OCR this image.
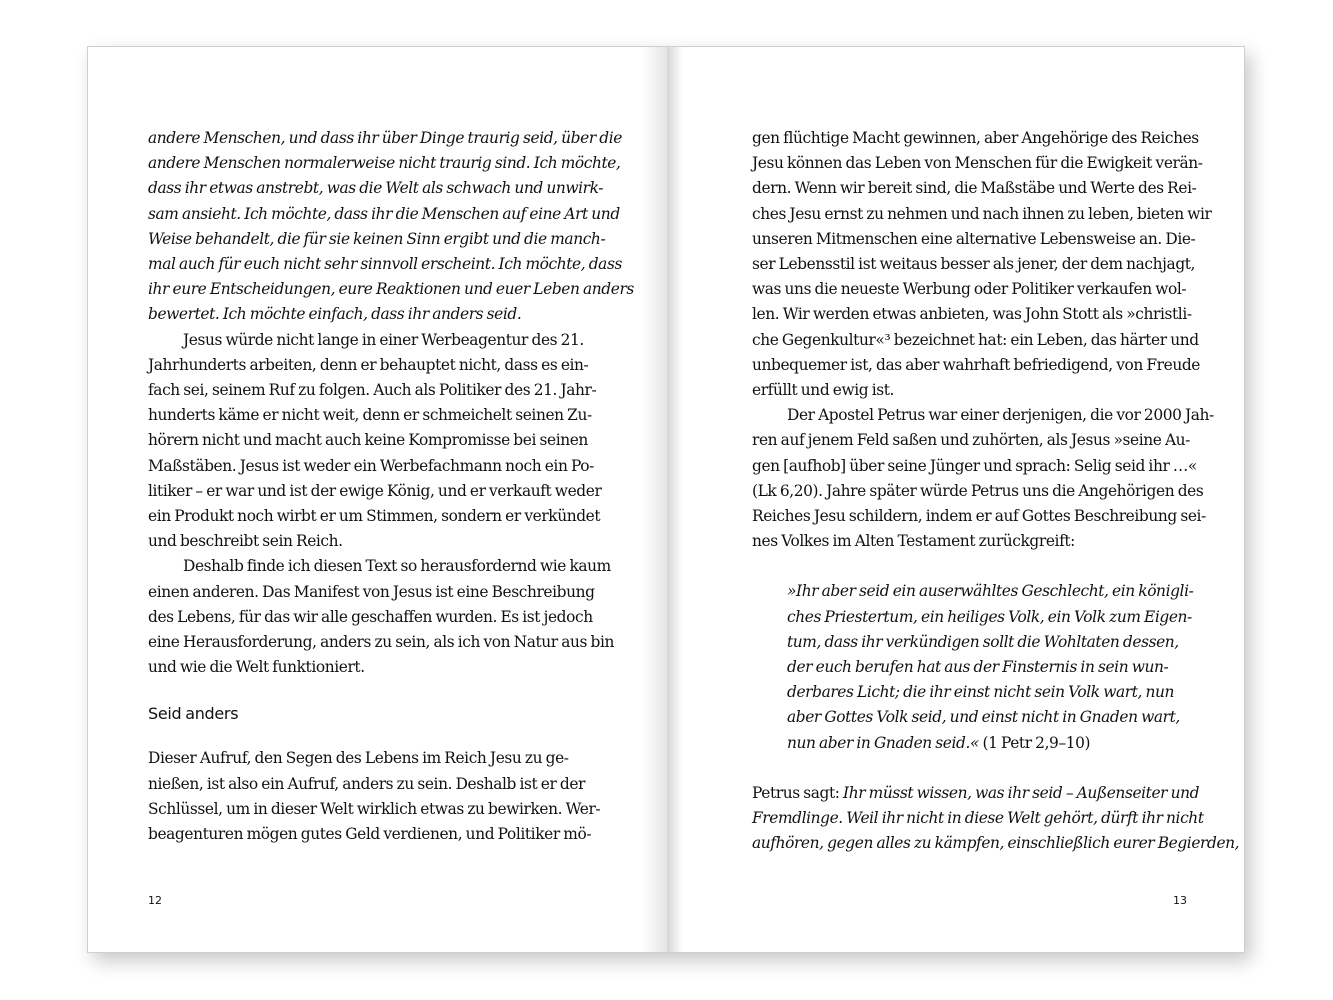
andere Menschen, und dass ihr über Dinge traurig seid, über die
andere Menschen normalerweise nicht traurig sind. Ich möchte,
dass ihr etwas anstrebt, was die Welt als schwach und unwirk-
sam ansieht. Ich möchte, dass ihr die Menschen auf eine Art und
Weise behandelt, die für sie keinen Sinn ergibt und die manch-
mal auch für euch nicht sehr sinnvoll erscheint. Ich möchte, dass
ihr eure Entscheidungen, eure Reaktionen und euer Leben anders
bewertet. Ich möchte einfach, dass ihr anders seid.
Jesus würde nicht lange in einer Werbeagentur des 21.
Jahrhunderts arbeiten, denn er behauptet nicht, dass es ein-
fach sei, seinem Ruf zu folgen. Auch als Politiker des 21. Jahr-
hunderts käme er nicht weit, denn er schmeichelt seinen Zu-
hörern nicht und macht auch keine Kompromisse bei seinen
Maßstäben. Jesus ist weder ein Werbefachmann noch ein Po-
litiker – er war und ist der ewige König, und er verkauft weder
ein Produkt noch wirbt er um Stimmen, sondern er verkündet
und beschreibt sein Reich.
Deshalb finde ich diesen Text so herausfordernd wie kaum
einen anderen. Das Manifest von Jesus ist eine Beschreibung
des Lebens, für das wir alle geschaffen wurden. Es ist jedoch
eine Herausforderung, anders zu sein, als ich von Natur aus bin
und wie die Welt funktioniert.
Seid anders
Dieser Aufruf, den Segen des Lebens im Reich Jesu zu ge-
nießen, ist also ein Aufruf, anders zu sein. Deshalb ist er der
Schlüssel, um in dieser Welt wirklich etwas zu bewirken. Wer-
beagenturen mögen gutes Geld verdienen, und Politiker mö-
12
gen flüchtige Macht gewinnen, aber Angehörige des Reiches
Jesu können das Leben von Menschen für die Ewigkeit verän-
dern. Wenn wir bereit sind, die Maßstäbe und Werte des Rei-
ches Jesu ernst zu nehmen und nach ihnen zu leben, bieten wir
unseren Mitmenschen eine alternative Lebensweise an. Die-
ser Lebensstil ist weitaus besser als jener, der dem nachjagt,
was uns die neueste Werbung oder Politiker verkaufen wol-
len. Wir werden etwas anbieten, was John Stott als »christli-
che Gegenkultur«³ bezeichnet hat: ein Leben, das härter und
unbequemer ist, das aber wahrhaft befriedigend, von Freude
erfüllt und ewig ist.
Der Apostel Petrus war einer derjenigen, die vor 2000 Jah-
ren auf jenem Feld saßen und zuhörten, als Jesus »seine Au-
gen [aufhob] über seine Jünger und sprach: Selig seid ihr …«
(Lk 6,20). Jahre später würde Petrus uns die Angehörigen des
Reiches Jesu schildern, indem er auf Gottes Beschreibung sei-
nes Volkes im Alten Testament zurückgreift:
»Ihr aber seid ein auserwähltes Geschlecht, ein königli-
ches Priestertum, ein heiliges Volk, ein Volk zum Eigen-
tum, dass ihr verkündigen sollt die Wohltaten dessen,
der euch berufen hat aus der Finsternis in sein wun-
derbares Licht; die ihr einst nicht sein Volk wart, nun
aber Gottes Volk seid, und einst nicht in Gnaden wart,
nun aber in Gnaden seid.« (1 Petr 2,9–10)
Petrus sagt: Ihr müsst wissen, was ihr seid – Außenseiter und
Fremdlinge. Weil ihr nicht in diese Welt gehört, dürft ihr nicht
aufhören, gegen alles zu kämpfen, einschließlich eurer Begierden,
13
